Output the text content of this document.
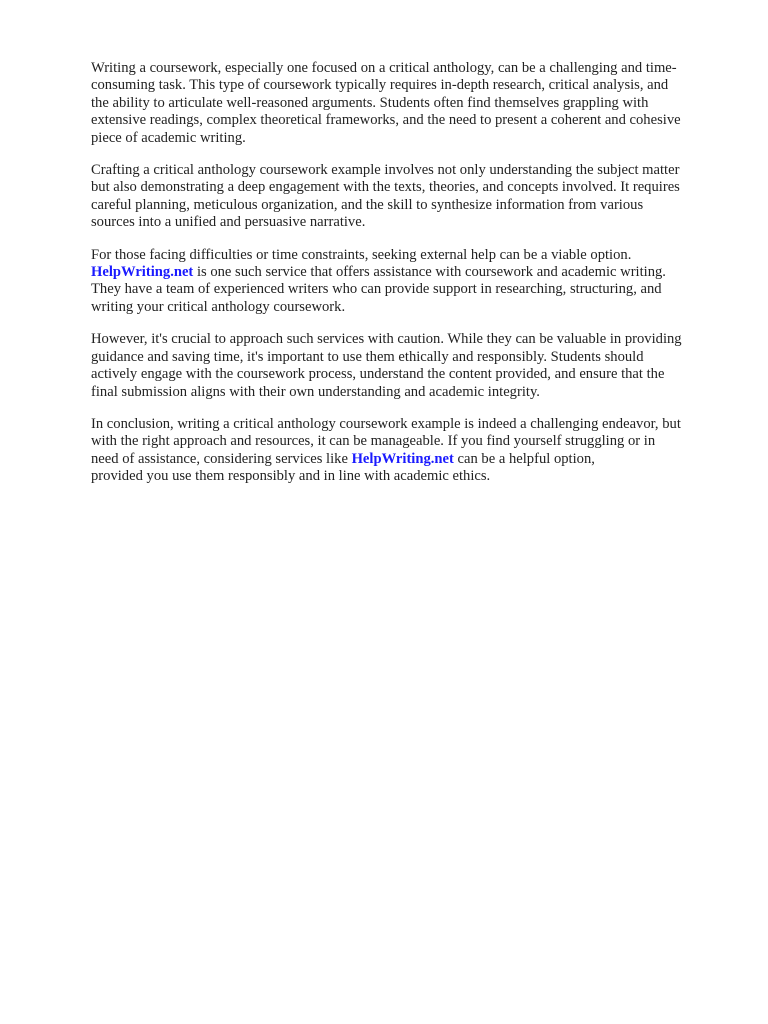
Writing a coursework, especially one focused on a critical anthology, can be a challenging and time-
consuming task. This type of coursework typically requires in-depth research, critical analysis, and
the ability to articulate well-reasoned arguments. Students often find themselves grappling with
extensive readings, complex theoretical frameworks, and the need to present a coherent and cohesive
piece of academic writing.

Crafting a critical anthology coursework example involves not only understanding the subject matter
but also demonstrating a deep engagement with the texts, theories, and concepts involved. It requires
careful planning, meticulous organization, and the skill to synthesize information from various
sources into a unified and persuasive narrative.

For those facing difficulties or time constraints, seeking external help can be a viable option.
HelpWriting.net is one such service that offers assistance with coursework and academic writing.
They have a team of experienced writers who can provide support in researching, structuring, and
writing your critical anthology coursework.

However, it's crucial to approach such services with caution. While they can be valuable in providing
guidance and saving time, it's important to use them ethically and responsibly. Students should
actively engage with the coursework process, understand the content provided, and ensure that the
final submission aligns with their own understanding and academic integrity.

In conclusion, writing a critical anthology coursework example is indeed a challenging endeavor, but
with the right approach and resources, it can be manageable. If you find yourself struggling or in
need of assistance, considering services like HelpWriting.net can be a helpful option,
provided you use them responsibly and in line with academic ethics.
